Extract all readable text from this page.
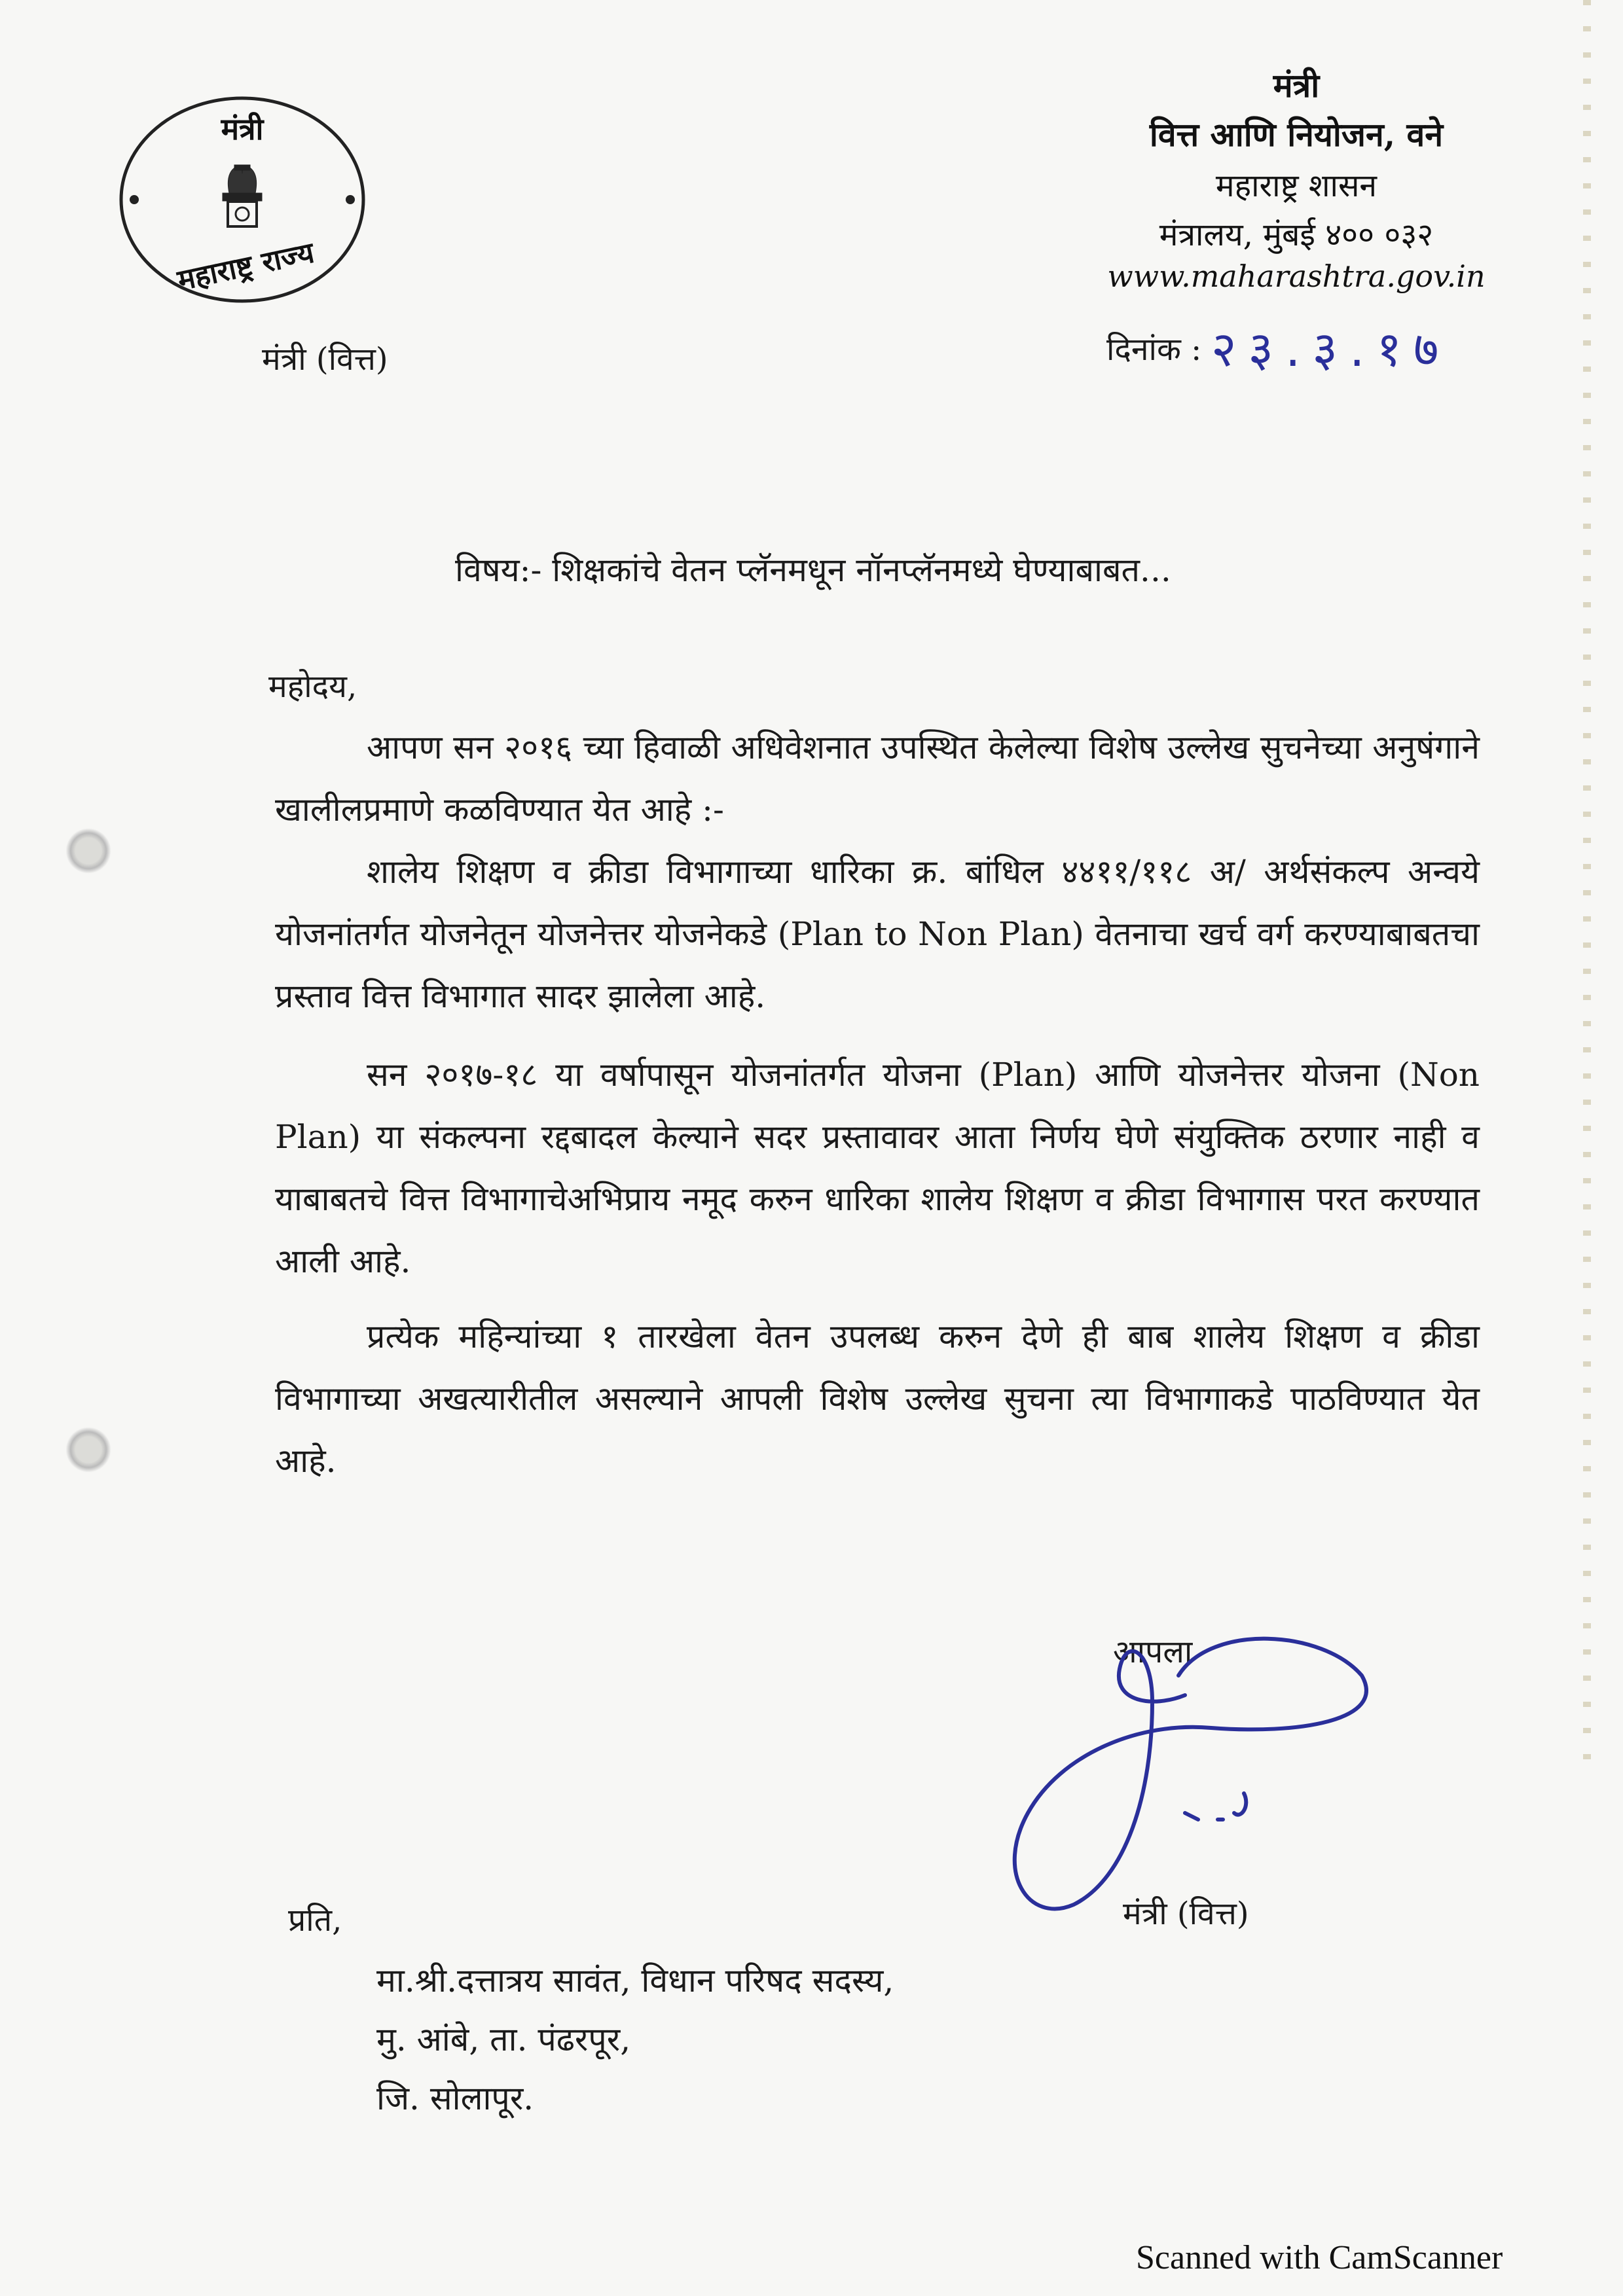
मंत्री
महाराष्ट्र राज्य
मंत्री
वित्त आणि नियोजन, वने
महाराष्ट्र शासन
मंत्रालय, मुंबई ४०० ०३२
www.maharashtra.gov.in
दिनांक : २३.३.१७
मंत्री (वित्त)
विषय:- शिक्षकांचे वेतन प्लॅनमधून नॉनप्लॅनमध्ये घेण्याबाबत...
महोदय,
आपण सन २०१६ च्या हिवाळी अधिवेशनात उपस्थित केलेल्या विशेष उल्लेख सुचनेच्या अनुषंगाने खालीलप्रमाणे कळविण्यात येत आहे :-
शालेय शिक्षण व क्रीडा विभागाच्या धारिका क्र. बांधिल ४४११/११८ अ/ अर्थसंकल्प अन्वये योजनांतर्गत योजनेतून योजनेत्तर योजनेकडे (Plan to Non Plan) वेतनाचा खर्च वर्ग करण्याबाबतचा प्रस्ताव वित्त विभागात सादर झालेला आहे.
सन २०१७-१८ या वर्षापासून योजनांतर्गत योजना (Plan) आणि योजनेत्तर योजना (Non Plan) या संकल्पना रद्दबादल केल्याने सदर प्रस्तावावर आता निर्णय घेणे संयुक्तिक ठरणार नाही व याबाबतचे वित्त विभागाचेअभिप्राय नमूद करुन धारिका शालेय शिक्षण व क्रीडा विभागास परत करण्यात आली आहे.
प्रत्येक महिन्यांच्या १ तारखेला वेतन उपलब्ध करुन देणे ही बाब शालेय शिक्षण व क्रीडा विभागाच्या अखत्यारीतील असल्याने आपली विशेष उल्लेख सुचना त्या विभागाकडे पाठविण्यात येत आहे.
आपला
मंत्री (वित्त)
प्रति,
मा.श्री.दत्तात्रय सावंत, विधान परिषद सदस्य,
मु. आंबे, ता. पंढरपूर,
जि. सोलापूर.
Scanned with CamScanner
